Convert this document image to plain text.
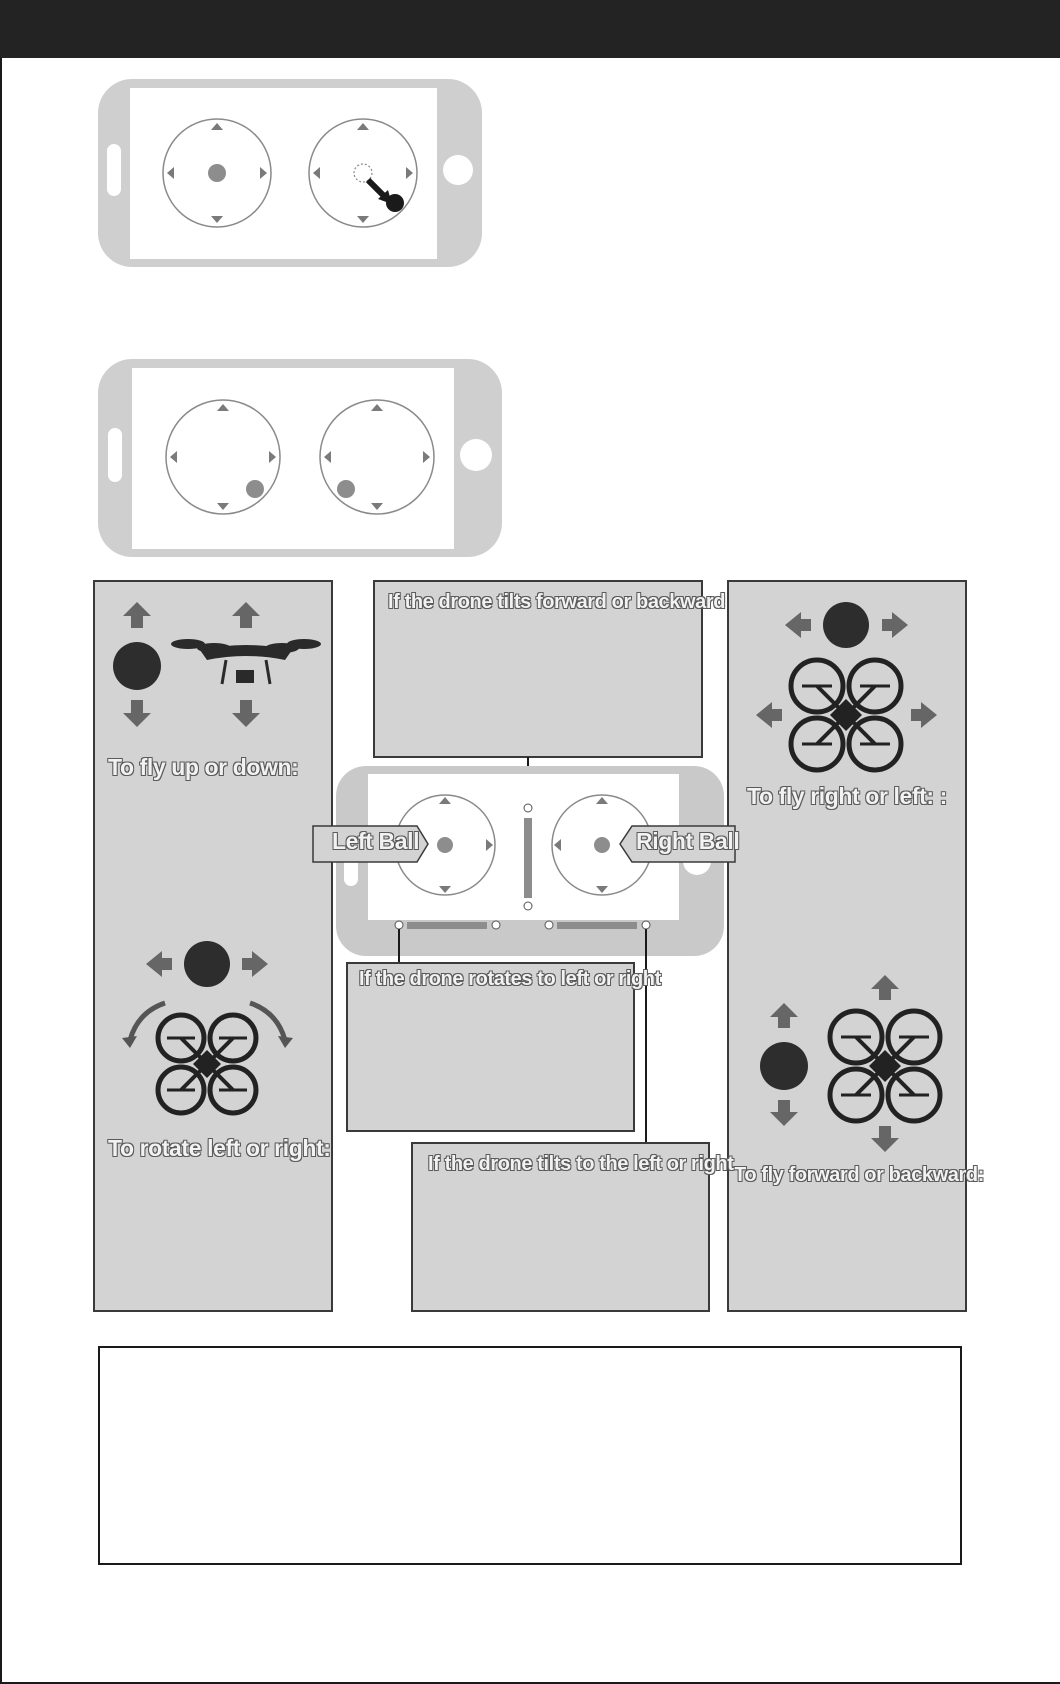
To fly up or down:
To rotate left or right:
To fly right or left: :
To fly forward or backward:
If the drone tilts forward or backward
If the drone rotates to left or right
If the drone tilts to the left or right
Left Ball	Right Ball
